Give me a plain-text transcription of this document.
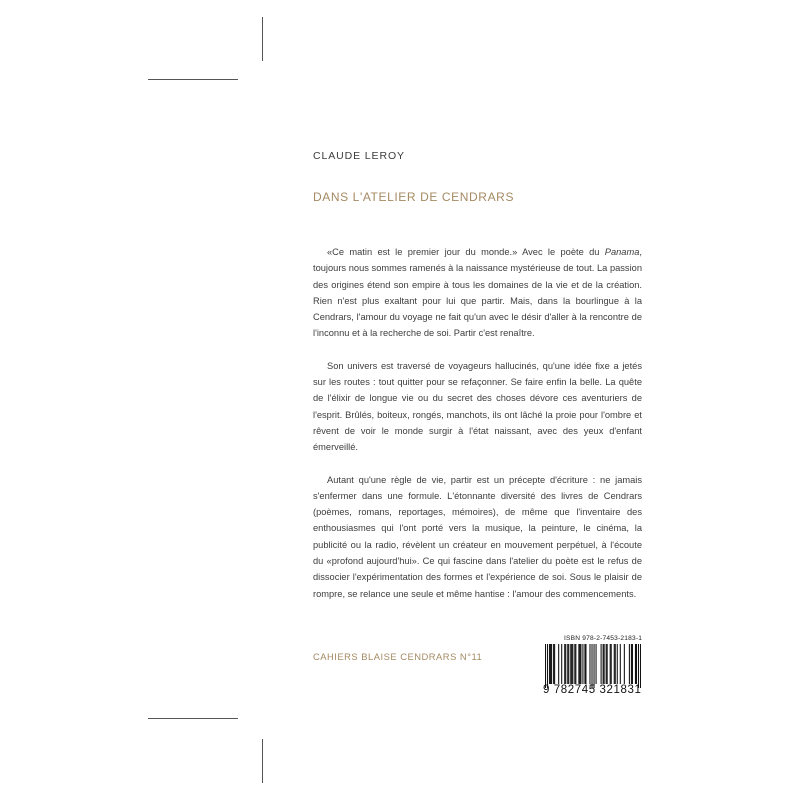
CLAUDE LEROY
DANS L'ATELIER DE CENDRARS

«Ce matin est le premier jour du monde.» Avec le poète du Panama, toujours nous sommes ramenés à la naissance mystérieuse de tout. La passion des origines étend son empire à tous les domaines de la vie et de la création. Rien n'est plus exaltant pour lui que partir. Mais, dans la bourlingue à la Cendrars, l'amour du voyage ne fait qu'un avec le désir d'aller à la rencontre de l'inconnu et à la recherche de soi. Partir c'est renaître.

Son univers est traversé de voyageurs hallucinés, qu'une idée fixe a jetés sur les routes : tout quitter pour se refaçonner. Se faire enfin la belle. La quête de l'élixir de longue vie ou du secret des choses dévore ces aventuriers de l'esprit. Brûlés, boiteux, rongés, manchots, ils ont lâché la proie pour l'ombre et rêvent de voir le monde surgir à l'état naissant, avec des yeux d'enfant émerveillé.

Autant qu'une règle de vie, partir est un précepte d'écriture : ne jamais s'enfermer dans une formule. L'étonnante diversité des livres de Cendrars (poèmes, romans, reportages, mémoires), de même que l'inventaire des enthousiasmes qui l'ont porté vers la musique, la peinture, le cinéma, la publicité ou la radio, révèlent un créateur en mouvement perpétuel, à l'écoute du «profond aujourd'hui». Ce qui fascine dans l'atelier du poète est le refus de dissocier l'expérimentation des formes et l'expérience de soi. Sous le plaisir de rompre, se relance une seule et même hantise : l'amour des commencements.

CAHIERS BLAISE CENDRARS N°11
ISBN 978-2-7453-2183-1
9 782745 321831
